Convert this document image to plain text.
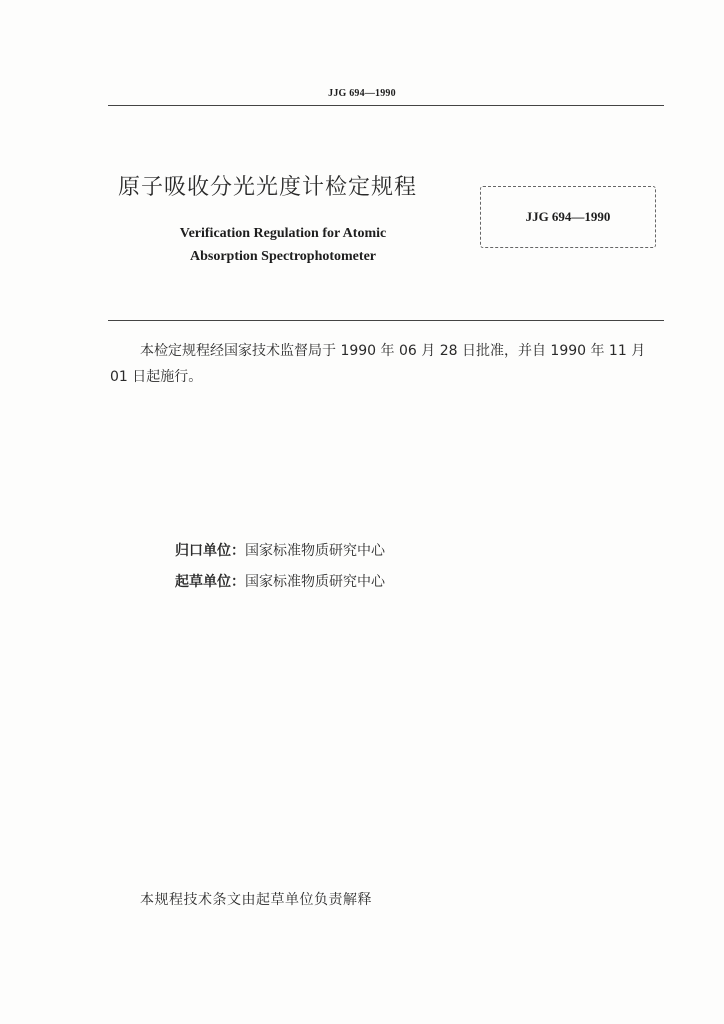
JJG 694—1990
原子吸收分光光度计检定规程
Verification Regulation for Atomic
Absorption Spectrophotometer
JJG 694—1990
本检定规程经国家技术监督局于 1990 年 06 月 28 日批准，并自 1990 年 11 月 01 日起施行。
归口单位：国家标准物质研究中心
起草单位：国家标准物质研究中心
本规程技术条文由起草单位负责解释
